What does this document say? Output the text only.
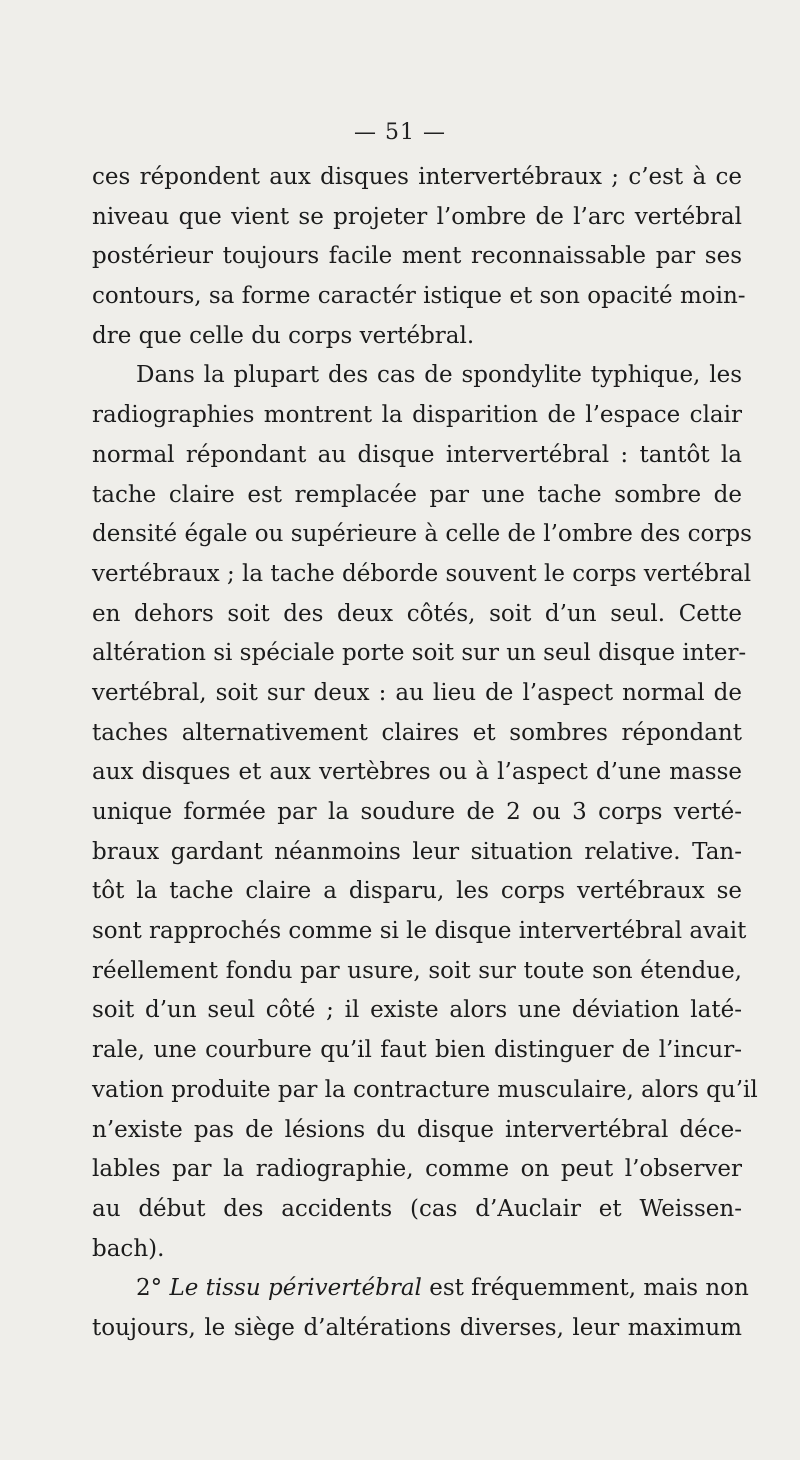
— 51 —
ces répondent aux disques intervertébraux ; c’est à ce
niveau que vient se projeter l’ombre de l’arc vertébral
postérieur toujours facile ment reconnaissable par ses
contours, sa forme caractér istique et son opacité moin-
dre que celle du corps vertébral.
Dans la plupart des cas de spondylite typhique, les
radiographies montrent la disparition de l’espace clair
normal répondant au disque intervertébral : tantôt la
tache claire est remplacée par une tache sombre de
densité égale ou supérieure à celle de l’ombre des corps
vertébraux ; la tache déborde souvent le corps vertébral
en dehors soit des deux côtés, soit d’un seul. Cette
altération si spéciale porte soit sur un seul disque inter-
vertébral, soit sur deux : au lieu de l’aspect normal de
taches alternativement claires et sombres répondant
aux disques et aux vertèbres ou à l’aspect d’une masse
unique formée par la soudure de 2 ou 3 corps verté-
braux gardant néanmoins leur situation relative. Tan-
tôt la tache claire a disparu, les corps vertébraux se
sont rapprochés comme si le disque intervertébral avait
réellement fondu par usure, soit sur toute son étendue,
soit d’un seul côté ; il existe alors une déviation laté-
rale, une courbure qu’il faut bien distinguer de l’incur-
vation produite par la contracture musculaire, alors qu’il
n’existe pas de lésions du disque intervertébral déce-
lables par la radiographie, comme on peut l’observer
au début des accidents (cas d’Auclair et Weissen-
bach).
2° Le tissu périvertébral est fréquemment, mais non
toujours, le siège d’altérations diverses, leur maximum
